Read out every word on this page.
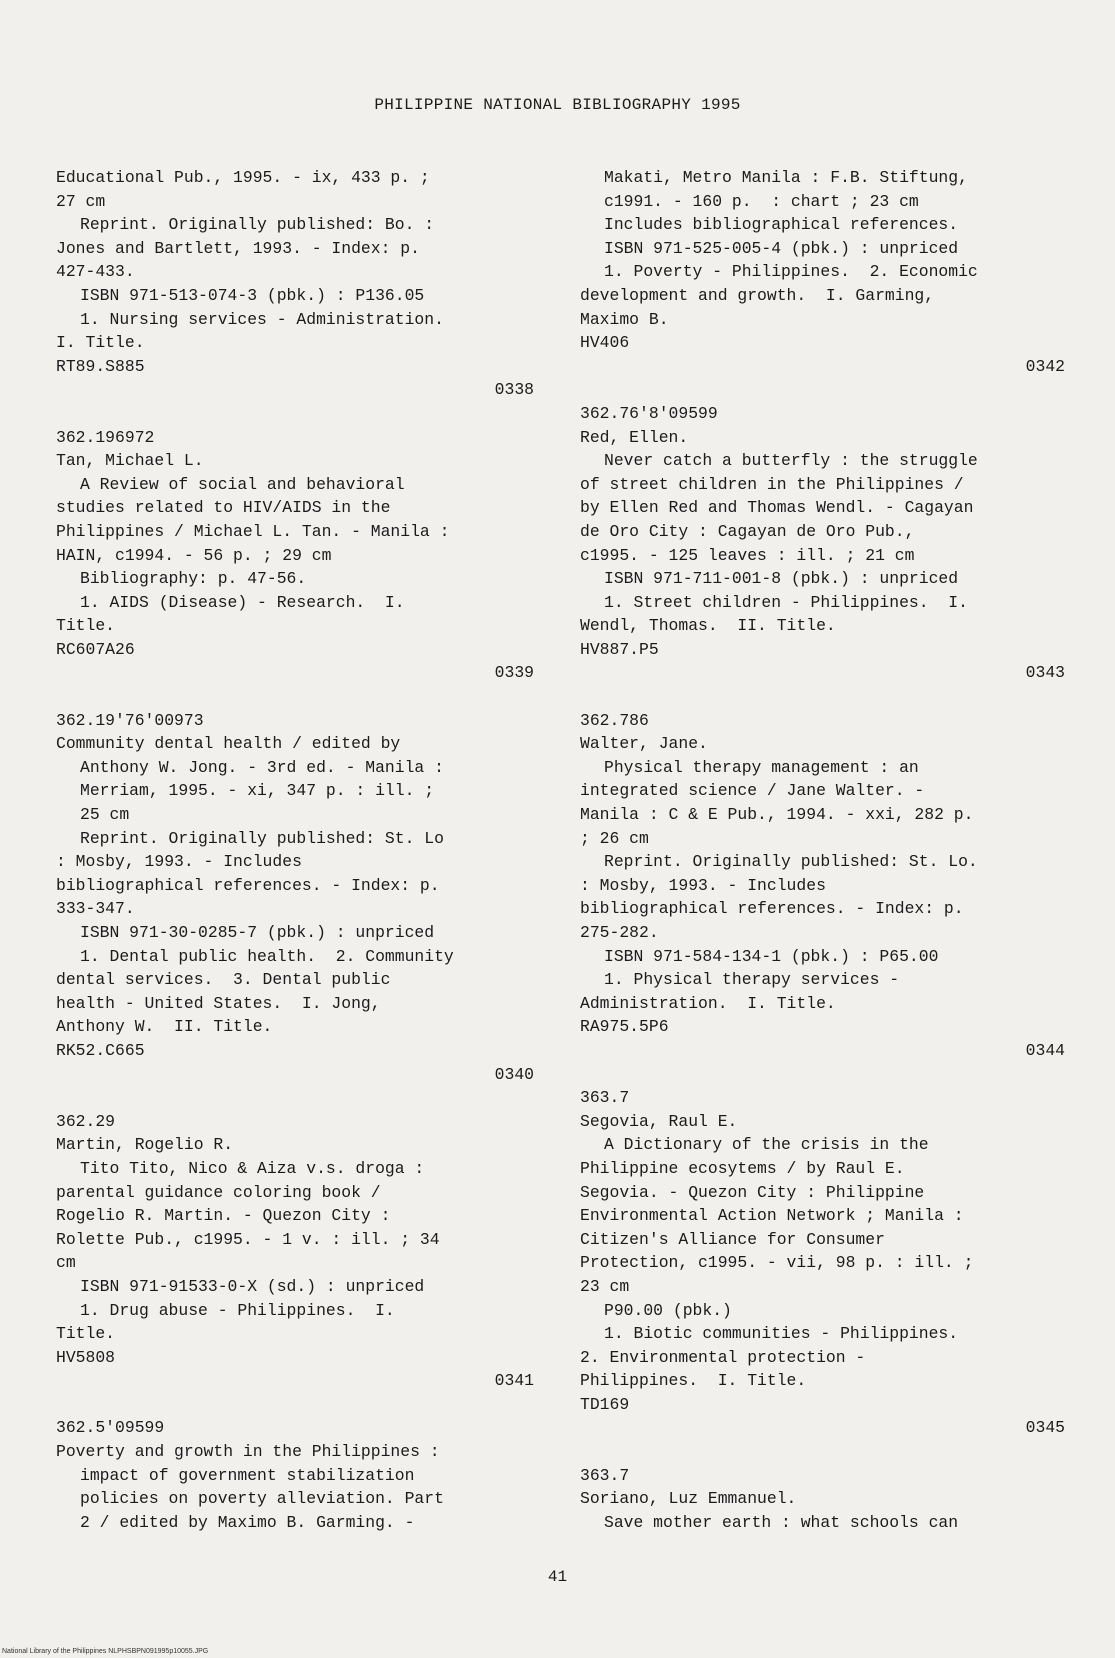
PHILIPPINE NATIONAL BIBLIOGRAPHY 1995
Educational Pub., 1995. - ix, 433 p. ;
27 cm
Reprint. Originally published: Bo. :
Jones and Bartlett, 1993. - Index: p.
427-433.
ISBN 971-513-074-3 (pbk.) : P136.05
1. Nursing services - Administration.
I. Title.
RT89.S885
0338
362.196972
Tan, Michael L.
A Review of social and behavioral
studies related to HIV/AIDS in the
Philippines / Michael L. Tan. - Manila :
HAIN, c1994. - 56 p. ; 29 cm
Bibliography: p. 47-56.
1. AIDS (Disease) - Research.  I.
Title.
RC607A26
0339
362.19'76'00973
Community dental health / edited by
Anthony W. Jong. - 3rd ed. - Manila :
Merriam, 1995. - xi, 347 p. : ill. ;
25 cm
Reprint. Originally published: St. Lo
: Mosby, 1993. - Includes
bibliographical references. - Index: p.
333-347.
ISBN 971-30-0285-7 (pbk.) : unpriced
1. Dental public health.  2. Community
dental services.  3. Dental public
health - United States.  I. Jong,
Anthony W.  II. Title.
RK52.C665
0340
362.29
Martin, Rogelio R.
Tito Tito, Nico & Aiza v.s. droga :
parental guidance coloring book /
Rogelio R. Martin. - Quezon City :
Rolette Pub., c1995. - 1 v. : ill. ; 34
cm
ISBN 971-91533-0-X (sd.) : unpriced
1. Drug abuse - Philippines.  I.
Title.
HV5808
0341
362.5'09599
Poverty and growth in the Philippines :
impact of government stabilization
policies on poverty alleviation. Part
2 / edited by Maximo B. Garming. -
Makati, Metro Manila : F.B. Stiftung,
c1991. - 160 p.  : chart ; 23 cm
Includes bibliographical references.
ISBN 971-525-005-4 (pbk.) : unpriced
1. Poverty - Philippines.  2. Economic
development and growth.  I. Garming,
Maximo B.
HV406
0342
362.76'8'09599
Red, Ellen.
Never catch a butterfly : the struggle
of street children in the Philippines /
by Ellen Red and Thomas Wendl. - Cagayan
de Oro City : Cagayan de Oro Pub.,
c1995. - 125 leaves : ill. ; 21 cm
ISBN 971-711-001-8 (pbk.) : unpriced
1. Street children - Philippines.  I.
Wendl, Thomas.  II. Title.
HV887.P5
0343
362.786
Walter, Jane.
Physical therapy management : an
integrated science / Jane Walter. -
Manila : C & E Pub., 1994. - xxi, 282 p.
; 26 cm
Reprint. Originally published: St. Lo.
: Mosby, 1993. - Includes
bibliographical references. - Index: p.
275-282.
ISBN 971-584-134-1 (pbk.) : P65.00
1. Physical therapy services -
Administration.  I. Title.
RA975.5P6
0344
363.7
Segovia, Raul E.
A Dictionary of the crisis in the
Philippine ecosytems / by Raul E.
Segovia. - Quezon City : Philippine
Environmental Action Network ; Manila :
Citizen's Alliance for Consumer
Protection, c1995. - vii, 98 p. : ill. ;
23 cm
P90.00 (pbk.)
1. Biotic communities - Philippines.
2. Environmental protection -
Philippines.  I. Title.
TD169
0345
363.7
Soriano, Luz Emmanuel.
Save mother earth : what schools can
41
National Library of the Philippines NLPHSBPN091995p10055.JPG
